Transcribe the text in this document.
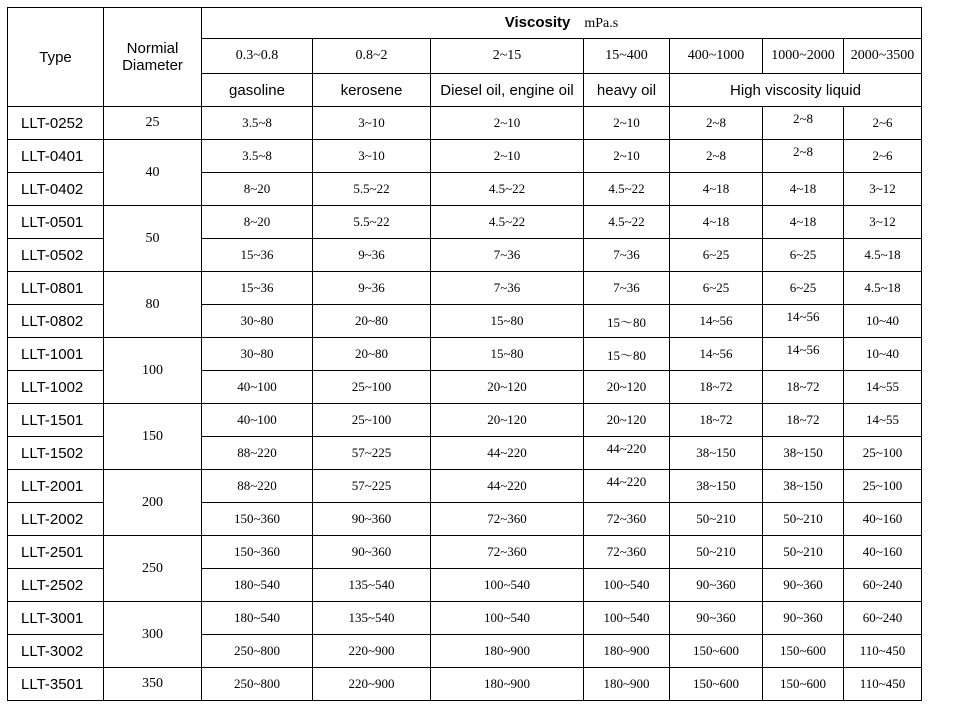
Type	Normial
Diameter	Viscosity mPa.s						
		0.3~0.8	0.8~2	2~15	15~400	400~1000	1000~2000	2000~3500
		gasoline	kerosene	Diesel oil, engine oil	heavy oil	High viscosity liquid		
LLT-0252	25	3.5~8	3~10	2~10	2~10	2~8	2~8	2~6
LLT-0401	40	3.5~8	3~10	2~10	2~10	2~8	2~8	2~6
LLT-0402		8~20	5.5~22	4.5~22	4.5~22	4~18	4~18	3~12
LLT-0501	50	8~20	5.5~22	4.5~22	4.5~22	4~18	4~18	3~12
LLT-0502		15~36	9~36	7~36	7~36	6~25	6~25	4.5~18
LLT-0801	80	15~36	9~36	7~36	7~36	6~25	6~25	4.5~18
LLT-0802		30~80	20~80	15~80	15～80	14~56	14~56	10~40
LLT-1001	100	30~80	20~80	15~80	15～80	14~56	14~56	10~40
LLT-1002		40~100	25~100	20~120	20~120	18~72	18~72	14~55
LLT-1501	150	40~100	25~100	20~120	20~120	18~72	18~72	14~55
LLT-1502		88~220	57~225	44~220	44~220	38~150	38~150	25~100
LLT-2001	200	88~220	57~225	44~220	44~220	38~150	38~150	25~100
LLT-2002		150~360	90~360	72~360	72~360	50~210	50~210	40~160
LLT-2501	250	150~360	90~360	72~360	72~360	50~210	50~210	40~160
LLT-2502		180~540	135~540	100~540	100~540	90~360	90~360	60~240
LLT-3001	300	180~540	135~540	100~540	100~540	90~360	90~360	60~240
LLT-3002		250~800	220~900	180~900	180~900	150~600	150~600	110~450
LLT-3501	350	250~800	220~900	180~900	180~900	150~600	150~600	110~450
